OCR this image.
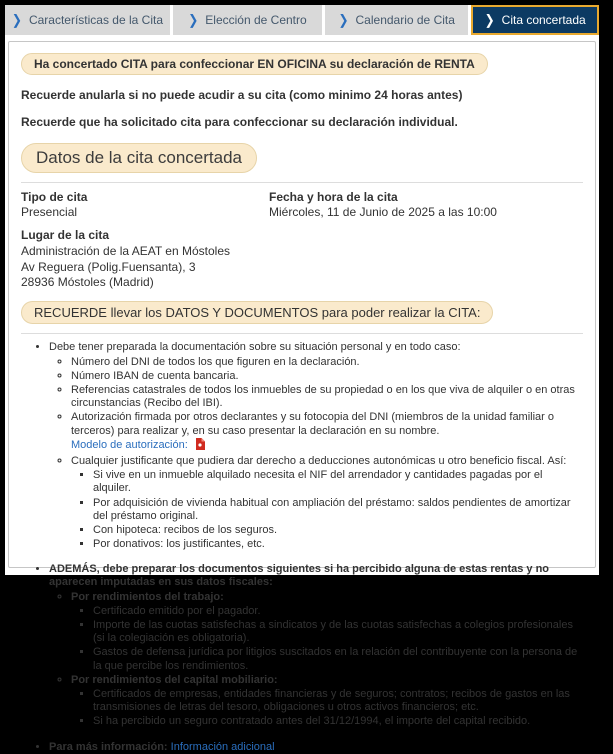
❯ Características de la Cita ❯ Elección de Centro	❯ Calendario de Cita ❯ Cita concertada
Ha concertado CITA para confeccionar EN OFICINA su declaración de RENTA
Recuerde anularla si no puede acudir a su cita (como minimo 24 horas antes)
Recuerde que ha solicitado cita para confeccionar su declaración individual.
Datos de la cita concertada
Tipo de cita
Presencial
Fecha y hora de la cita
Miércoles, 11 de Junio de 2025 a las 10:00
Lugar de la cita
Administración de la AEAT en Móstoles
Av Reguera (Polig.Fuensanta), 3
28936 Móstoles (Madrid)
RECUERDE llevar los DATOS Y DOCUMENTOS para poder realizar la CITA:
• Debe tener preparada la documentación sobre su situación personal y en todo caso:
◦ Número del DNI de todos los que figuren en la declaración.
◦ Número IBAN de cuenta bancaria.
◦ Referencias catastrales de todos los inmuebles de su propiedad o en los que viva de alquiler o en otras circunstancias (Recibo del IBI).
◦ Autorización firmada por otros declarantes y su fotocopia del DNI (miembros de la unidad familiar o terceros) para realizar y, en su caso presentar la declaración en su nombre.
Modelo de autorización:
◦ Cualquier justificante que pudiera dar derecho a deducciones autonómicas u otro beneficio fiscal. Así:
▪ Si vive en un inmueble alquilado necesita el NIF del arrendador y cantidades pagadas por el alquiler.
▪ Por adquisición de vivienda habitual con ampliación del préstamo: saldos pendientes de amortizar del préstamo original.
▪ Con hipoteca: recibos de los seguros.
▪ Por donativos: los justificantes, etc.
• ADEMÁS, debe preparar los documentos siguientes si ha percibido alguna de estas rentas y no aparecen imputadas en sus datos fiscales:
◦ Por rendimientos del trabajo:
▪ Certificado emitido por el pagador.
▪ Importe de las cuotas satisfechas a sindicatos y de las cuotas satisfechas a colegios profesionales (si la colegiación es obligatoria).
▪ Gastos de defensa jurídica por litigios suscitados en la relación del contribuyente con la persona de la que percibe los rendimientos.
◦ Por rendimientos del capital mobiliario:
▪ Certificados de empresas, entidades financieras y de seguros; contratos; recibos de gastos en las transmisiones de letras del tesoro, obligaciones u otros activos financieros; etc.
▪ Si ha percibido un seguro contratado antes del 31/12/1994, el importe del capital recibido.
• Para más información: Información adicional
